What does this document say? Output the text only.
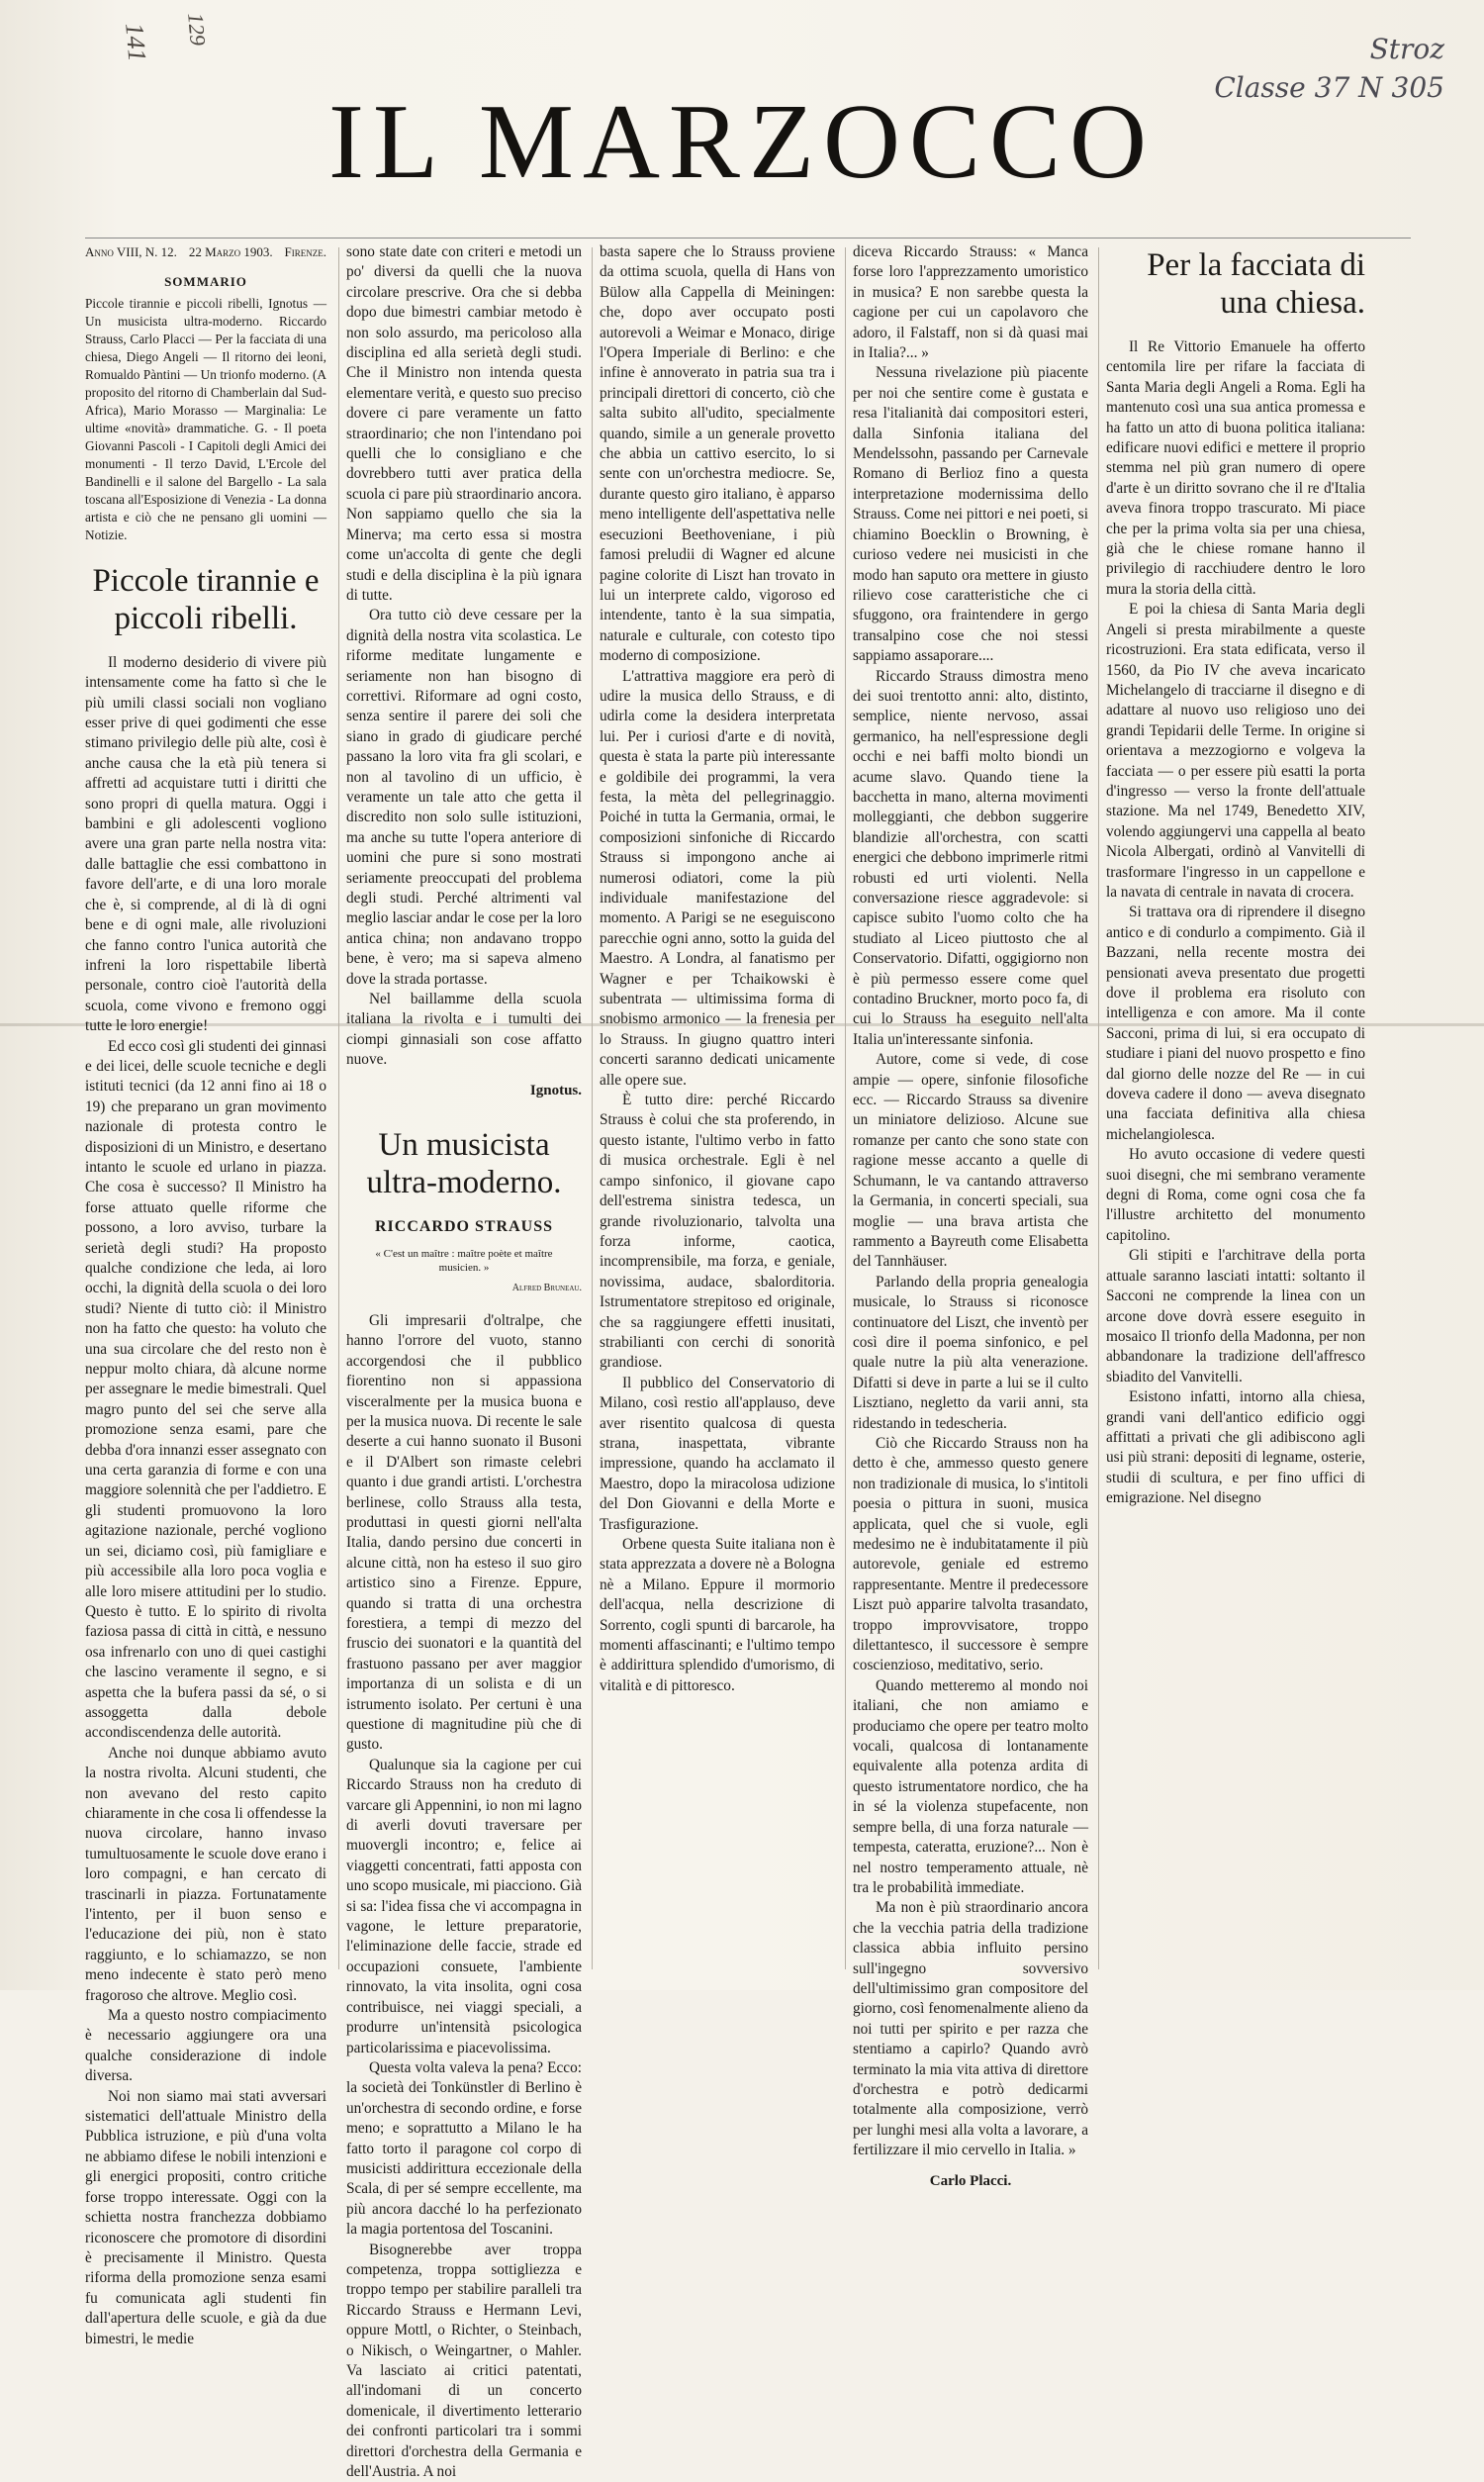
141 129
Stroz
Classe 37 N 305
IL MARZOCCO
Anno VIII, N. 12. 22 Marzo 1903. Firenze.
SOMMARIO
Piccole tirannie e piccoli ribelli, Ignotus — Un musicista ultra-moderno. Riccardo Strauss, Carlo Placci — Per la facciata di una chiesa, Diego Angeli — Il ritorno dei leoni, Romualdo Pàntini — Un trionfo moderno. (A proposito del ritorno di Chamberlain dal Sud-Africa), Mario Morasso — Marginalia: Le ultime «novità» drammatiche. G. - Il poeta Giovanni Pascoli - I Capitoli degli Amici dei monumenti - Il terzo David, L'Ercole del Bandinelli e il salone del Bargello - La sala toscana all'Esposizione di Venezia - La donna artista e ciò che ne pensano gli uomini — Notizie.
Piccole tirannie e piccoli ribelli.

Il moderno desiderio di vivere più intensamente come ha fatto sì che le più umili classi sociali non vogliano esser prive di quei godimenti che esse stimano privilegio delle più alte, così è anche causa che la età più tenera si affretti ad acquistare tutti i diritti che sono propri di quella matura. Oggi i bambini e gli adolescenti vogliono avere una gran parte nella nostra vita: dalle battaglie che essi combattono in favore dell'arte, e di una loro morale che è, si comprende, al di là di ogni bene e di ogni male, alle rivoluzioni che fanno contro l'unica autorità che infreni la loro rispettabile libertà personale, contro cioè l'autorità della scuola, come vivono e fremono oggi tutte le loro energie!

Ed ecco così gli studenti dei ginnasi e dei licei, delle scuole tecniche e degli istituti tecnici (da 12 anni fino ai 18 o 19) che preparano un gran movimento nazionale di protesta contro le disposizioni di un Ministro, e desertano intanto le scuole ed urlano in piazza. Che cosa è successo? Il Ministro ha forse attuato quelle riforme che possono, a loro avviso, turbare la serietà degli studi? Ha proposto qualche condizione che leda, ai loro occhi, la dignità della scuola o dei loro studi? Niente di tutto ciò: il Ministro non ha fatto che questo: ha voluto che una sua circolare che del resto non è neppur molto chiara, dà alcune norme per assegnare le medie bimestrali. Quel magro punto del sei che serve alla promozione senza esami, pare che debba d'ora innanzi esser assegnato con una certa garanzia di forme e con una maggiore solennità che per l'addietro. E gli studenti promuovono la loro agitazione nazionale, perché vogliono un sei, diciamo così, più famigliare e più accessibile alla loro poca voglia e alle loro misere attitudini per lo studio. Questo è tutto. E lo spirito di rivolta faziosa passa di città in città, e nessuno osa infrenarlo con uno di quei castighi che lascino veramente il segno, e si aspetta che la bufera passi da sé, o si assoggetta dalla debole accondiscendenza delle autorità.

Anche noi dunque abbiamo avuto la nostra rivolta. Alcuni studenti, che non avevano del resto capito chiaramente in che cosa li offendesse la nuova circolare, hanno invaso tumultuosamente le scuole dove erano i loro compagni, e han cercato di trascinarli in piazza. Fortunatamente l'intento, per il buon senso e l'educazione dei più, non è stato raggiunto, e lo schiamazzo, se non meno indecente è stato però meno fragoroso che altrove. Meglio così.

Ma a questo nostro compiacimento è necessario aggiungere ora una qualche considerazione di indole diversa.

Noi non siamo mai stati avversari sistematici dell'attuale Ministro della Pubblica istruzione, e più d'una volta ne abbiamo difese le nobili intenzioni e gli energici propositi, contro critiche forse troppo interessate. Oggi con la schietta nostra franchezza dobbiamo riconoscere che promotore di disordini è precisamente il Ministro. Questa riforma della promozione senza esami fu comunicata agli studenti fin dall'apertura delle scuole, e già da due bimestri, le medie

sono state date con criteri e metodi un po' diversi da quelli che la nuova circolare prescrive. Ora che si debba dopo due bimestri cambiar metodo è non solo assurdo, ma pericoloso alla disciplina ed alla serietà degli studi. Che il Ministro non intenda questa elementare verità, e questo suo preciso dovere ci pare veramente un fatto straordinario; che non l'intendano poi quelli che lo consigliano e che dovrebbero tutti aver pratica della scuola ci pare più straordinario ancora. Non sappiamo quello che sia la Minerva; ma certo essa si mostra come un'accolta di gente che degli studi e della disciplina è la più ignara di tutte.

Ora tutto ciò deve cessare per la dignità della nostra vita scolastica. Le riforme meditate lungamente e seriamente non han bisogno di correttivi. Riformare ad ogni costo, senza sentire il parere dei soli che siano in grado di giudicare perché passano la loro vita fra gli scolari, e non al tavolino di un ufficio, è veramente un tale atto che getta il discredito non solo sulle istituzioni, ma anche su tutte l'opera anteriore di uomini che pure si sono mostrati seriamente preoccupati del problema degli studi. Perché altrimenti val meglio lasciar andar le cose per la loro antica china; non andavano troppo bene, è vero; ma si sapeva almeno dove la strada portasse.

Nel baillamme della scuola italiana la rivolta e i tumulti dei ciompi ginnasiali son cose affatto nuove.

Ignotus.
Un musicista ultra-moderno.
RICCARDO STRAUSS
« C'est un maître : maître poète et maître musicien. »
Alfred Bruneau.

Gli impresarii d'oltralpe, che hanno l'orrore del vuoto, stanno accorgendosi che il pubblico fiorentino non si appassiona visceralmente per la musica buona e per la musica nuova. Di recente le sale deserte a cui hanno suonato il Busoni e il D'Albert son rimaste celebri quanto i due grandi artisti. L'orchestra berlinese, collo Strauss alla testa, produttasi in questi giorni nell'alta Italia, dando persino due concerti in alcune città, non ha esteso il suo giro artistico sino a Firenze. Eppure, quando si tratta di una orchestra forestiera, a tempi di mezzo del fruscio dei suonatori e la quantità del frastuono passano per aver maggior importanza di un solista e di un istrumento isolato. Per certuni è una questione di magnitudine più che di gusto.

Qualunque sia la cagione per cui Riccardo Strauss non ha creduto di varcare gli Appennini, io non mi lagno di averli dovuti traversare per muovergli incontro; e, felice ai viaggetti concentrati, fatti apposta con uno scopo musicale, mi piacciono. Già si sa: l'idea fissa che vi accompagna in vagone, le letture preparatorie, l'eliminazione delle faccie, strade ed occupazioni consuete, l'ambiente rinnovato, la vita insolita, ogni cosa contribuisce, nei viaggi speciali, a produrre un'intensità psicologica particolarissima e piacevolissima.

Questa volta valeva la pena? Ecco: la società dei Tonkünstler di Berlino è un'orchestra di secondo ordine, e forse meno; e soprattutto a Milano le ha fatto torto il paragone col corpo di musicisti addirittura eccezionale della Scala, di per sé sempre eccellente, ma più ancora dacché lo ha perfezionato la magia portentosa del Toscanini.

Bisognerebbe aver troppa competenza, troppa sottigliezza e troppo tempo per stabilire paralleli tra Riccardo Strauss e Hermann Levi, oppure Mottl, o Richter, o Steinbach, o Nikisch, o Weingartner, o Mahler. Va lasciato ai critici patentati, all'indomani di un concerto domenicale, il divertimento letterario dei confronti particolari tra i sommi direttori d'orchestra della Germania e dell'Austria. A noi

basta sapere che lo Strauss proviene da ottima scuola, quella di Hans von Bülow alla Cappella di Meiningen: che, dopo aver occupato posti autorevoli a Weimar e Monaco, dirige l'Opera Imperiale di Berlino: e che infine è annoverato in patria sua tra i principali direttori di concerto, ciò che salta subito all'udito, specialmente quando, simile a un generale provetto che abbia un cattivo esercito, lo si sente con un'orchestra mediocre. Se, durante questo giro italiano, è apparso meno intelligente dell'aspettativa nelle esecuzioni Beethoveniane, i più famosi preludii di Wagner ed alcune pagine colorite di Liszt han trovato in lui un interprete caldo, vigoroso ed intendente, tanto è la sua simpatia, naturale e culturale, con cotesto tipo moderno di composizione.

L'attrattiva maggiore era però di udire la musica dello Strauss, e di udirla come la desidera interpretata lui. Per i curiosi d'arte e di novità, questa è stata la parte più interessante e goldibile dei programmi, la vera festa, la mèta del pellegrinaggio. Poiché in tutta la Germania, ormai, le composizioni sinfoniche di Riccardo Strauss si impongono anche ai numerosi odiatori, come la più individuale manifestazione del momento. A Parigi se ne eseguiscono parecchie ogni anno, sotto la guida del Maestro. A Londra, al fanatismo per Wagner e per Tchaikowski è subentrata — ultimissima forma di snobismo armonico — la frenesia per lo Strauss. In giugno quattro interi concerti saranno dedicati unicamente alle opere sue.

È tutto dire: perché Riccardo Strauss è colui che sta proferendo, in questo istante, l'ultimo verbo in fatto di musica orchestrale. Egli è nel campo sinfonico, il giovane capo dell'estrema sinistra tedesca, un grande rivoluzionario, talvolta una forza informe, caotica, incomprensibile, ma forza, e geniale, novissima, audace, sbalorditoria. Istrumentatore strepitoso ed originale, che sa raggiungere effetti inusitati, strabilianti con cerchi di sonorità grandiose.

Il pubblico del Conservatorio di Milano, così restio all'applauso, deve aver risentito qualcosa di questa strana, inaspettata, vibrante impressione, quando ha acclamato il Maestro, dopo la miracolosa udizione del Don Giovanni e della Morte e Trasfigurazione.

Orbene questa Suite italiana non è stata apprezzata a dovere nè a Bologna nè a Milano. Eppure il mormorio dell'acqua, nella descrizione di Sorrento, cogli spunti di barcarole, ha momenti affascinanti; e l'ultimo tempo è addirittura splendido d'umorismo, di vitalità e di pittoresco.

diceva Riccardo Strauss: « Manca forse loro l'apprezzamento umoristico in musica? E non sarebbe questa la cagione per cui un capolavoro che adoro, il Falstaff, non si dà quasi mai in Italia?... »

Nessuna rivelazione più piacente per noi che sentire come è gustata e resa l'italianità dai compositori esteri, dalla Sinfonia italiana del Mendelssohn, passando per Carnevale Romano di Berlioz fino a questa interpretazione modernissima dello Strauss. Come nei pittori e nei poeti, si chiamino Boecklin o Browning, è curioso vedere nei musicisti in che modo han saputo ora mettere in giusto rilievo cose caratteristiche che ci sfuggono, ora fraintendere in gergo transalpino cose che noi stessi sappiamo assaporare....

Riccardo Strauss dimostra meno dei suoi trentotto anni: alto, distinto, semplice, niente nervoso, assai germanico, ha nell'espressione degli occhi e nei baffi molto biondi un acume slavo. Quando tiene la bacchetta in mano, alterna movimenti molleggianti, che debbon suggerire blandizie all'orchestra, con scatti energici che debbono imprimerle ritmi robusti ed urti violenti. Nella conversazione riesce aggradevole: si capisce subito l'uomo colto che ha studiato al Liceo piuttosto che al Conservatorio. Difatti, oggigiorno non è più permesso essere come quel contadino Bruckner, morto poco fa, di cui lo Strauss ha eseguito nell'alta Italia un'interessante sinfonia.

Autore, come si vede, di cose ampie — opere, sinfonie filosofiche ecc. — Riccardo Strauss sa divenire un miniatore delizioso. Alcune sue romanze per canto che sono state con ragione messe accanto a quelle di Schumann, le va cantando attraverso la Germania, in concerti speciali, sua moglie — una brava artista che rammento a Bayreuth come Elisabetta del Tannhäuser.

Parlando della propria genealogia musicale, lo Strauss si riconosce continuatore del Liszt, che inventò per così dire il poema sinfonico, e pel quale nutre la più alta venerazione. Difatti si deve in parte a lui se il culto Lisztiano, negletto da varii anni, sta ridestando in tedescheria.

Ciò che Riccardo Strauss non ha detto è che, ammesso questo genere non tradizionale di musica, lo s'intitoli poesia o pittura in suoni, musica applicata, quel che si vuole, egli medesimo ne è indubitatamente il più autorevole, geniale ed estremo rappresentante. Mentre il predecessore Liszt può apparire talvolta trasandato, troppo improvvisatore, troppo dilettantesco, il successore è sempre coscienzioso, meditativo, serio.

Quando metteremo al mondo noi italiani, che non amiamo e produciamo che opere per teatro molto vocali, qualcosa di lontanamente equivalente alla potenza ardita di questo istrumentatore nordico, che ha in sé la violenza stupefacente, non sempre bella, di una forza naturale — tempesta, cateratta, eruzione?... Non è nel nostro temperamento attuale, nè tra le probabilità immediate.

Ma non è più straordinario ancora che la vecchia patria della tradizione classica abbia influito persino sull'ingegno sovversivo dell'ultimissimo gran compositore del giorno, così fenomenalmente alieno da noi tutti per spirito e per razza che stentiamo a capirlo? Quando avrò terminato la mia vita attiva di direttore d'orchestra e potrò dedicarmi totalmente alla composizione, verrò per lunghi mesi alla volta a lavorare, a fertilizzare il mio cervello in Italia. »

Carlo Placci.
Per la facciata di una chiesa.

Il Re Vittorio Emanuele ha offerto centomila lire per rifare la facciata di Santa Maria degli Angeli a Roma. Egli ha mantenuto così una sua antica promessa e ha fatto un atto di buona politica italiana: edificare nuovi edifici e mettere il proprio stemma nel più gran numero di opere d'arte è un diritto sovrano che il re d'Italia aveva finora troppo trascurato. Mi piace che per la prima volta sia per una chiesa, già che le chiese romane hanno il privilegio di racchiudere dentro le loro mura la storia della città.

E poi la chiesa di Santa Maria degli Angeli si presta mirabilmente a queste ricostruzioni. Era stata edificata, verso il 1560, da Pio IV che aveva incaricato Michelangelo di tracciarne il disegno e di adattare al nuovo uso religioso uno dei grandi Tepidarii delle Terme. In origine si orientava a mezzogiorno e volgeva la facciata — o per essere più esatti la porta d'ingresso — verso la fronte dell'attuale stazione. Ma nel 1749, Benedetto XIV, volendo aggiungervi una cappella al beato Nicola Albergati, ordinò al Vanvitelli di trasformare l'ingresso in un cappellone e la navata di centrale in navata di crocera.

Si trattava ora di riprendere il disegno antico e di condurlo a compimento. Già il Bazzani, nella recente mostra dei pensionati aveva presentato due progetti dove il problema era risoluto con intelligenza e con amore. Ma il conte Sacconi, prima di lui, si era occupato di studiare i piani del nuovo prospetto e fino dal giorno delle nozze del Re — in cui doveva cadere il dono — aveva disegnato una facciata definitiva alla chiesa michelangiolesca.

Ho avuto occasione di vedere questi suoi disegni, che mi sembrano veramente degni di Roma, come ogni cosa che fa l'illustre architetto del monumento capitolino.

Gli stipiti e l'architrave della porta attuale saranno lasciati intatti: soltanto il Sacconi ne comprende la linea con un arcone dove dovrà essere eseguito in mosaico Il trionfo della Madonna, per non abbandonare la tradizione dell'affresco sbiadito del Vanvitelli.

Esistono infatti, intorno alla chiesa, grandi vani dell'antico edificio oggi affittati a privati che gli adibiscono agli usi più strani: depositi di legname, osterie, studii di scultura, e per fino uffici di emigrazione. Nel disegno
